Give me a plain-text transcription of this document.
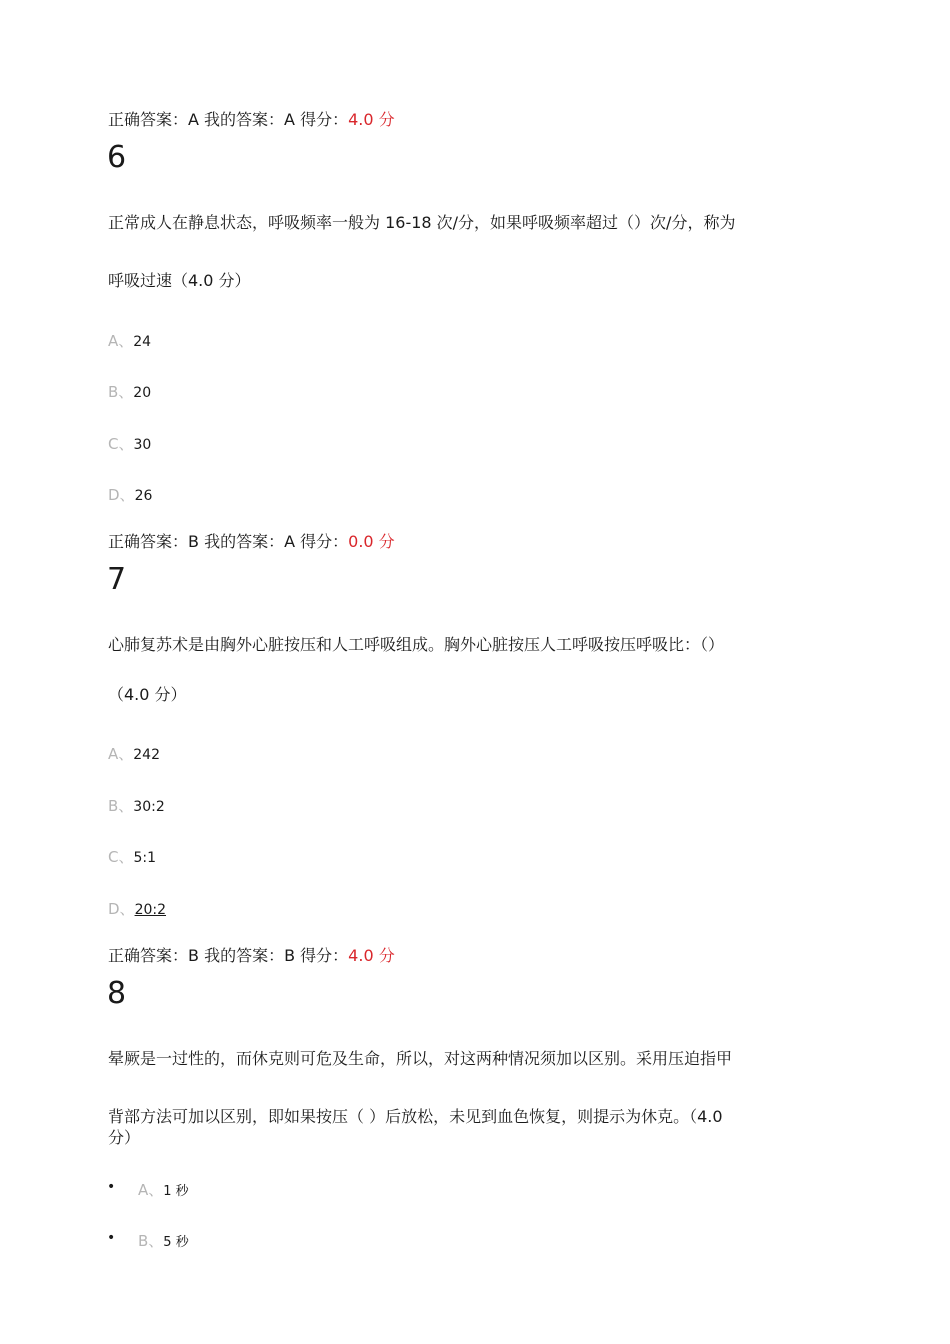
正确答案：A 我的答案：A 得分：4.0 分
6
正常成人在静息状态，呼吸频率一般为 16-18 次/分，如果呼吸频率超过（）次/分，称为
呼吸过速（4.0 分）
A、24
B、20
C、30
D、26
正确答案：B 我的答案：A 得分：0.0 分
7
心肺复苏术是由胸外心脏按压和人工呼吸组成。胸外心脏按压人工呼吸按压呼吸比：（）
（4.0 分）
A、242
B、30:2
C、5:1
D、20:2
正确答案：B 我的答案：B 得分：4.0 分
8
晕厥是一过性的，而休克则可危及生命，所以，对这两种情况须加以区别。采用压迫指甲
背部方法可加以区别，即如果按压（ ）后放松，未见到血色恢复，则提示为休克。（4.0
分）
• A、1 秒
• B、5 秒
